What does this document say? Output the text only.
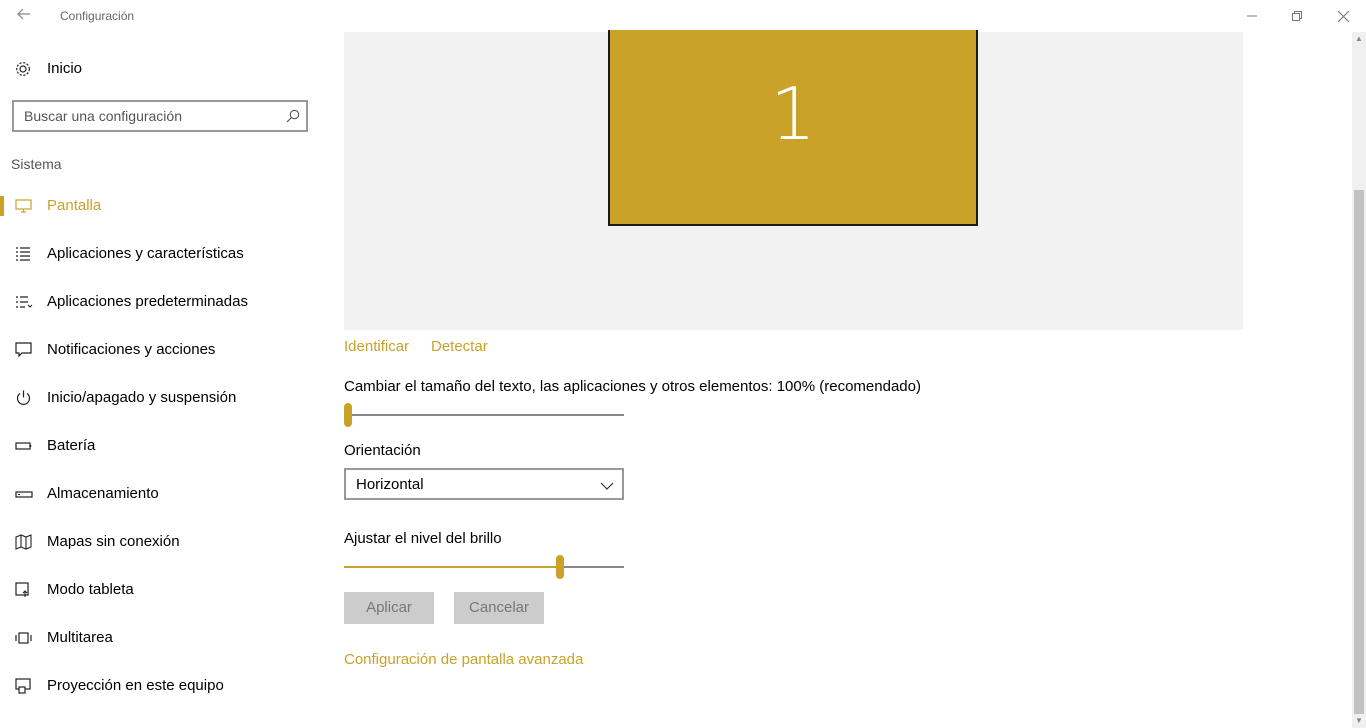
Configuración
Inicio
Buscar una configuración
Sistema
Pantalla
Aplicaciones y características
Aplicaciones predeterminadas
Notificaciones y acciones
Inicio/apagado y suspensión
Batería
Almacenamiento
Mapas sin conexión
Modo tableta
Multitarea
Proyección en este equipo
1
Identificar Detectar
Cambiar el tamaño del texto, las aplicaciones y otros elementos: 100% (recomendado)
Orientación
Horizontal
Ajustar el nivel del brillo
Aplicar	Cancelar
Configuración de pantalla avanzada
▲
▼
